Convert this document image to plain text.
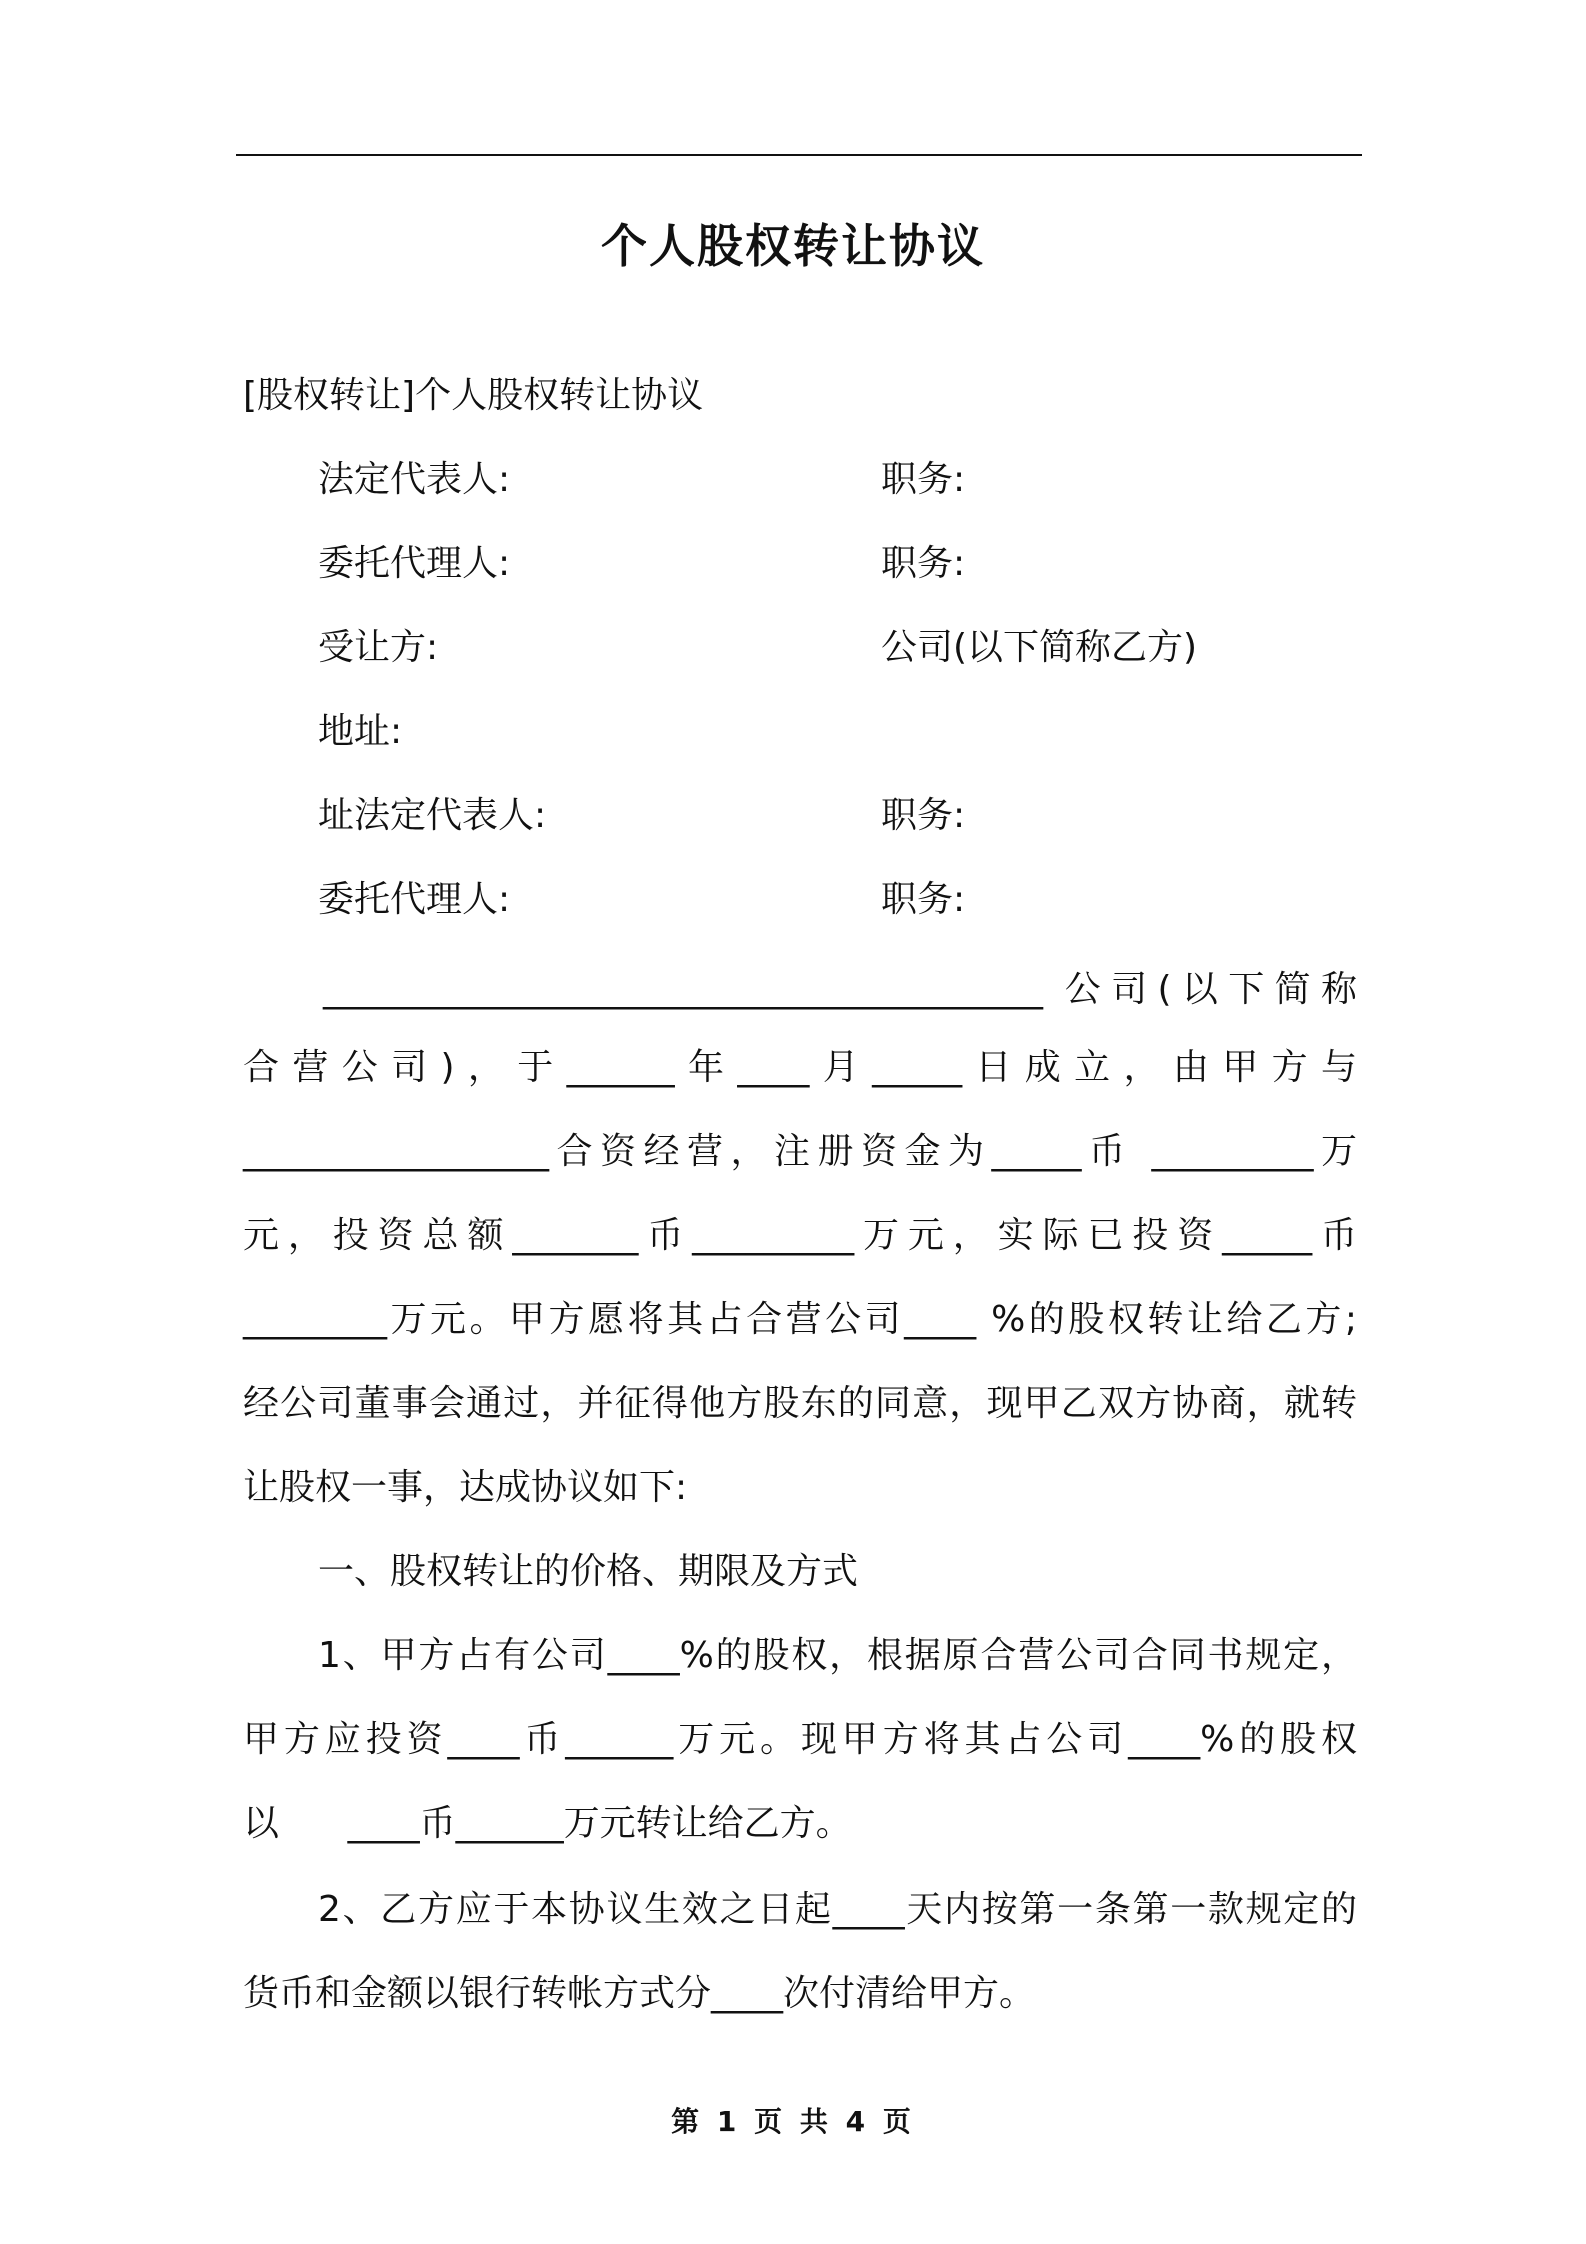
个人股权转让协议
[股权转让]个人股权转让协议
法定代表人:	职务:
委托代理人:	职务:
受让方:	公司(以下简称乙方)
地址:
址法定代表人:	职务:
委托代理人:	职务:
________________________________________ 公司(以下简称
合营公司)，于______年____月_____日成立，由甲方与
_________________合资经营，注册资金为_____币 _________万
元，投资总额_______币_________万元，实际已投资_____币
________万元。甲方愿将其占合营公司____ %的股权转让给乙方;
经公司董事会通过，并征得他方股东的同意，现甲乙双方协商，就转
让股权一事，达成协议如下:
一、股权转让的价格、期限及方式
1、甲方占有公司____%的股权，根据原合营公司合同书规定，
甲方应投资____币______万元。现甲方将其占公司____%的股权
以      ____币______万元转让给乙方。
2、乙方应于本协议生效之日起____天内按第一条第一款规定的
货币和金额以银行转帐方式分____次付清给甲方。
第 1 页 共 4 页
